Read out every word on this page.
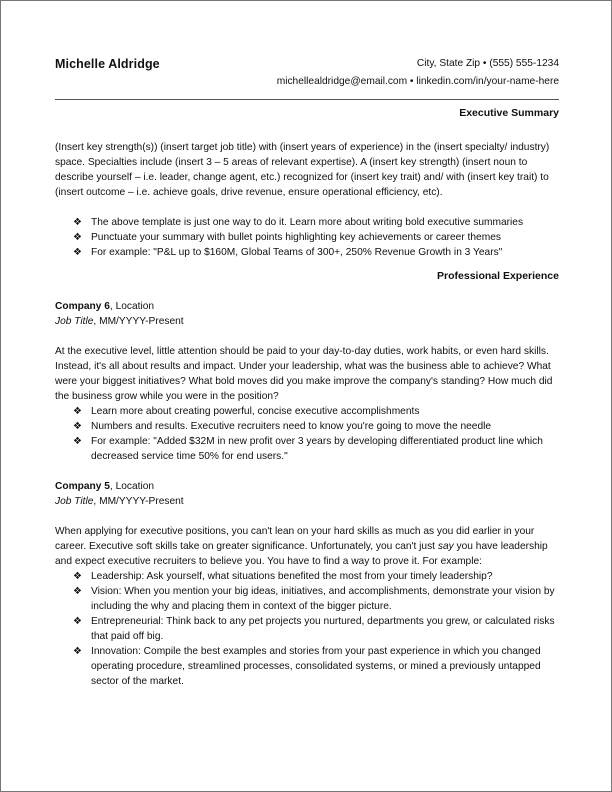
Michelle Aldridge	City, State Zip • (555) 555-1234
michellealdridge@email.com • linkedin.com/in/your-name-here
Executive Summary

(Insert key strength(s)) (insert target job title) with (insert years of experience) in the (insert specialty/ industry) space. Specialties include (insert 3 – 5 areas of relevant expertise). A (insert key strength) (insert noun to describe yourself – i.e. leader, change agent, etc.) recognized for (insert key trait) and/ with (insert key trait) to (insert outcome – i.e. achieve goals, drive revenue, ensure operational efficiency, etc).

❖ The above template is just one way to do it. Learn more about writing bold executive summaries
❖ Punctuate your summary with bullet points highlighting key achievements or career themes
❖ For example: "P&L up to $160M, Global Teams of 300+, 250% Revenue Growth in 3 Years"
Professional Experience
Company 6, Location
Job Title, MM/YYYY-Present

At the executive level, little attention should be paid to your day-to-day duties, work habits, or even hard skills. Instead, it's all about results and impact. Under your leadership, what was the business able to achieve? What were your biggest initiatives? What bold moves did you make improve the company's standing? How much did the business grow while you were in the position?

❖ Learn more about creating powerful, concise executive accomplishments
❖ Numbers and results. Executive recruiters need to know you're going to move the needle
❖ For example: "Added $32M in new profit over 3 years by developing differentiated product line which decreased service time 50% for end users."
Company 5, Location
Job Title, MM/YYYY-Present

When applying for executive positions, you can't lean on your hard skills as much as you did earlier in your career. Executive soft skills take on greater significance. Unfortunately, you can't just say you have leadership and expect executive recruiters to believe you. You have to find a way to prove it. For example:

❖ Leadership: Ask yourself, what situations benefited the most from your timely leadership?
❖ Vision: When you mention your big ideas, initiatives, and accomplishments, demonstrate your vision by including the why and placing them in context of the bigger picture.
❖ Entrepreneurial: Think back to any pet projects you nurtured, departments you grew, or calculated risks that paid off big.
❖ Innovation: Compile the best examples and stories from your past experience in which you changed operating procedure, streamlined processes, consolidated systems, or mined a previously untapped sector of the market.
